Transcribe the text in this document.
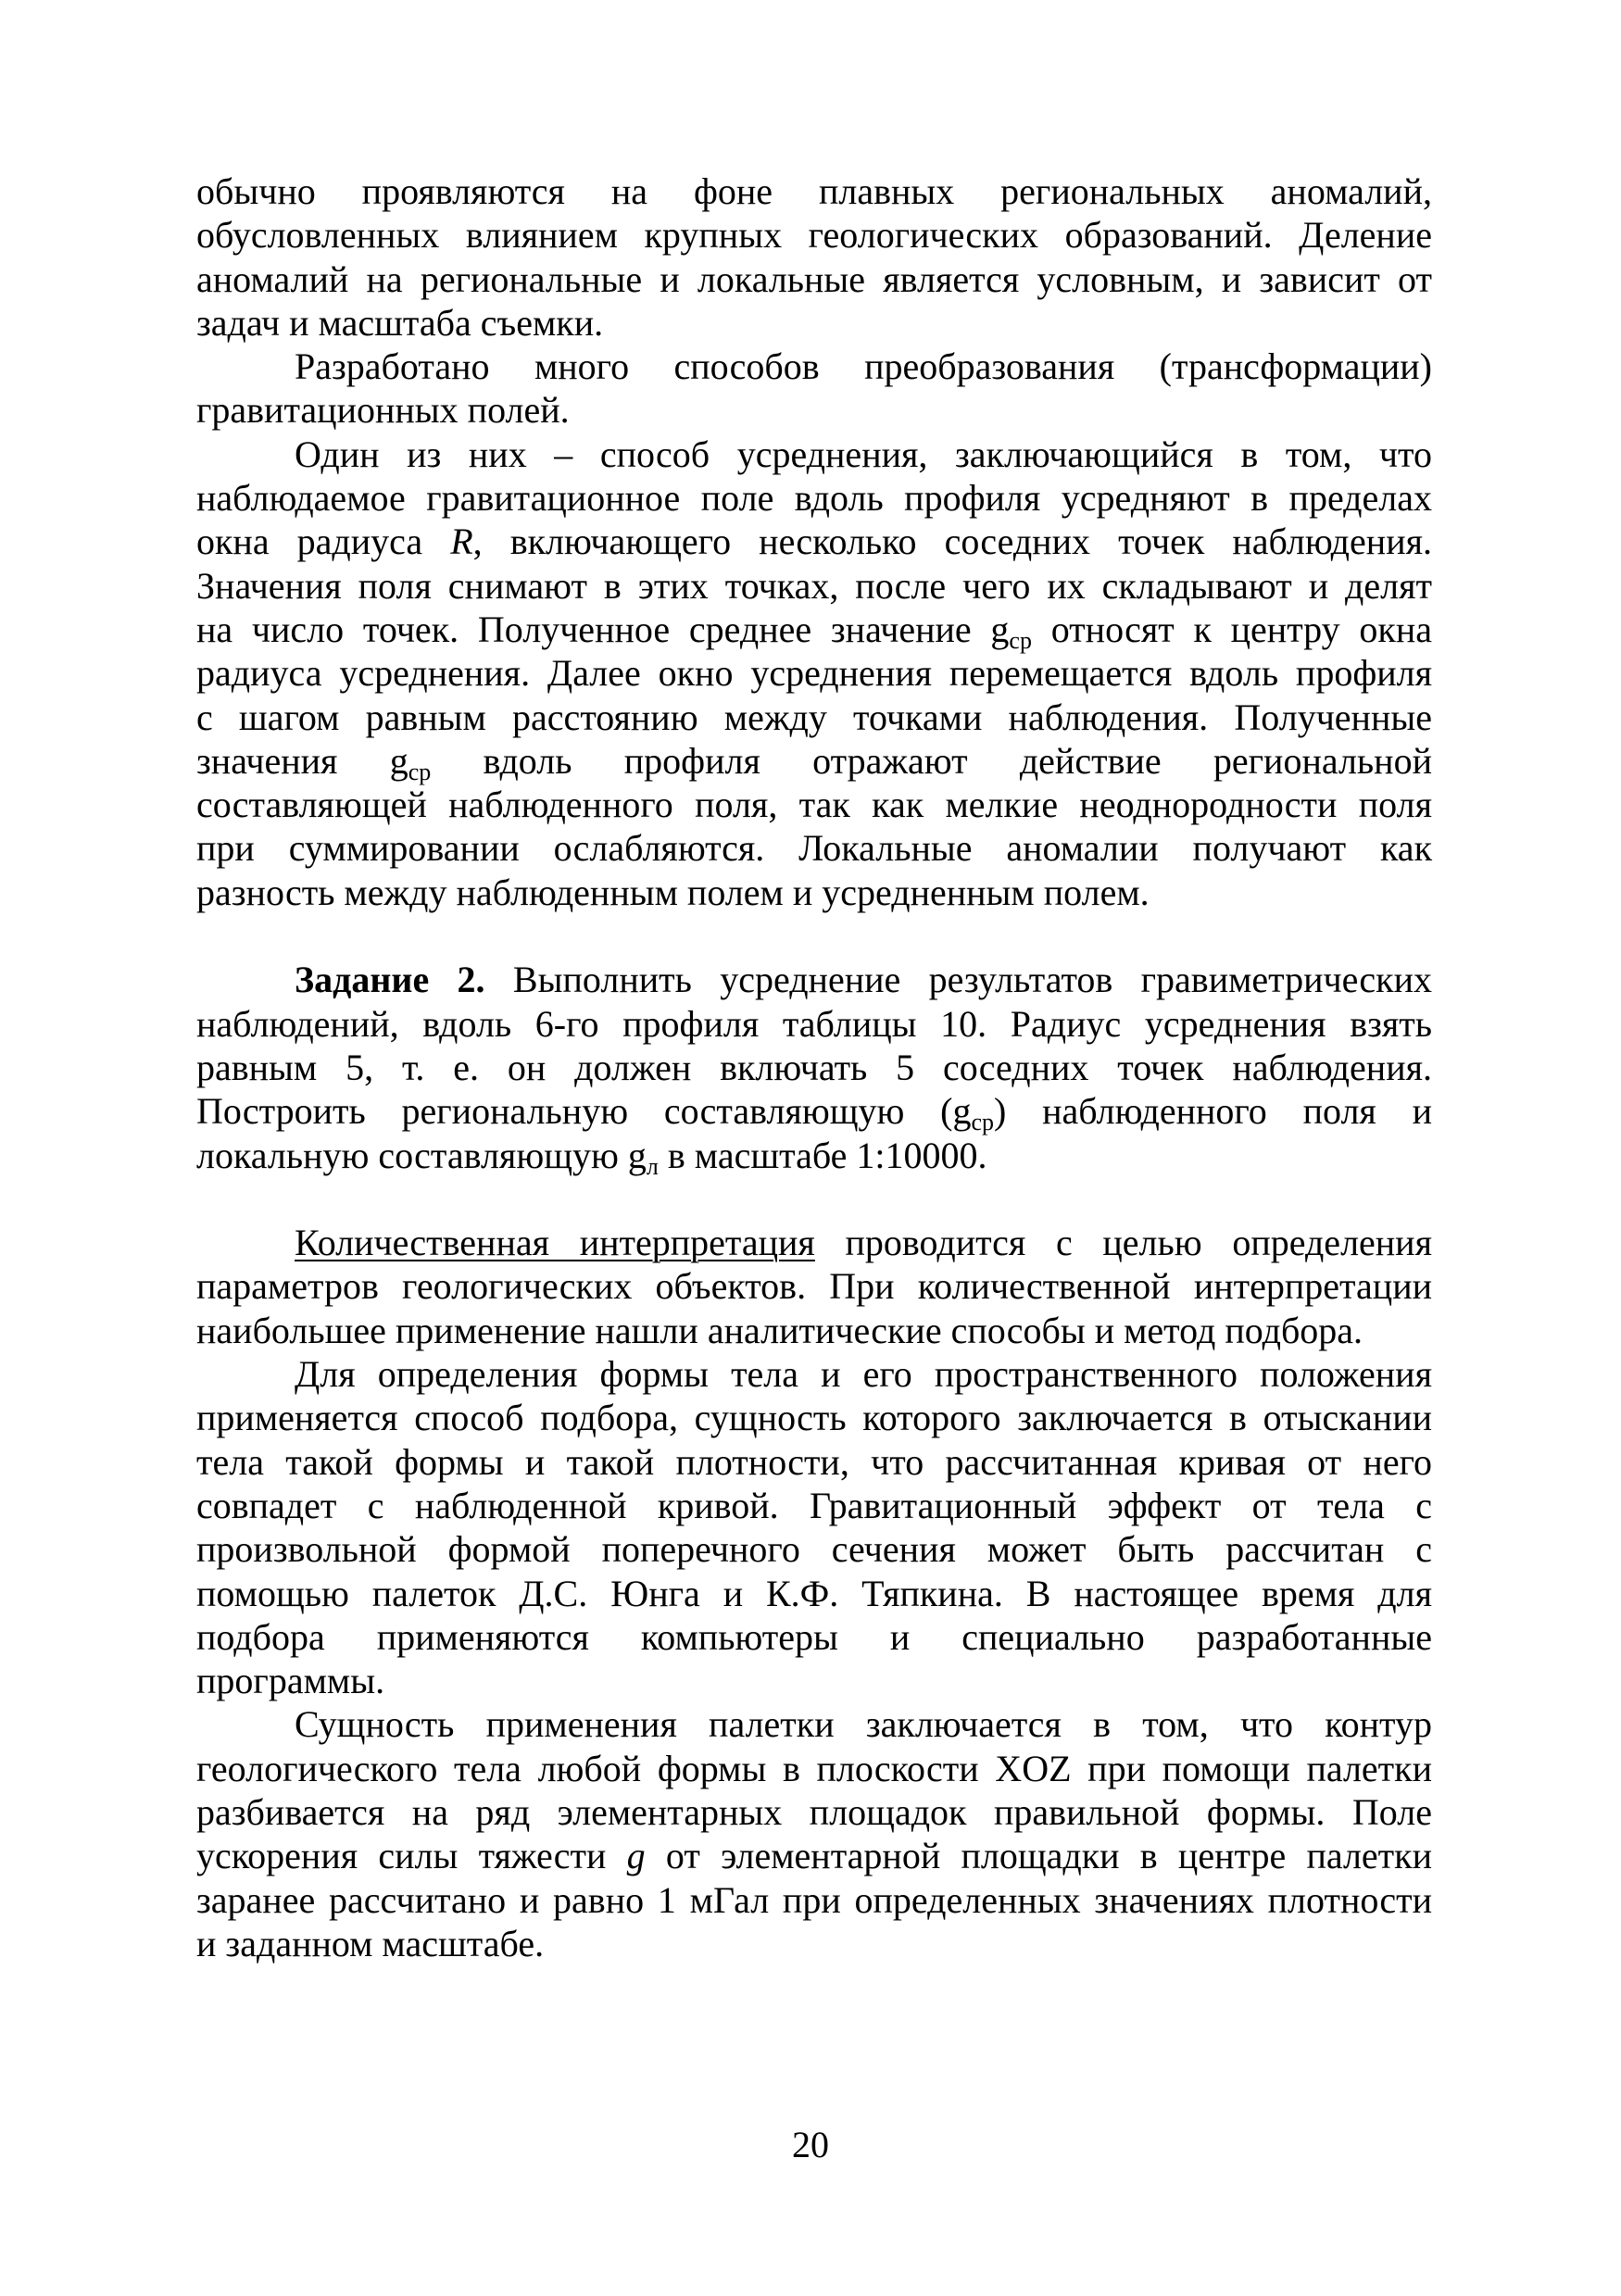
обычно проявляются на фоне плавных региональных аномалий,
обусловленных влиянием крупных геологических образований. Деление
аномалий на региональные и локальные является условным, и зависит от
задач и масштаба съемки.
Разработано много способов преобразования (трансформации)
гравитационных полей.
Один из них – способ усреднения, заключающийся в том, что
наблюдаемое гравитационное поле вдоль профиля усредняют в пределах
окна радиуса R, включающего несколько соседних точек наблюдения.
Значения поля снимают в этих точках, после чего их складывают и делят
на число точек. Полученное среднее значение $g_{ср}$ относят к центру окна
радиуса усреднения. Далее окно усреднения перемещается вдоль профиля
с шагом равным расстоянию между точками наблюдения. Полученные
значения $g_{ср}$ вдоль профиля отражают действие региональной
составляющей наблюденного поля, так как мелкие неоднородности поля
при суммировании ослабляются. Локальные аномалии получают как
разность между наблюденным полем и усредненным полем.
Задание 2. Выполнить усреднение результатов гравиметрических
наблюдений, вдоль 6-го профиля таблицы 10. Радиус усреднения взять
равным 5, т. е. он должен включать 5 соседних точек наблюдения.
Построить региональную составляющую $(g_{ср})$ наблюденного поля и
локальную составляющую $g_л$ в масштабе 1:10000.
Количественная интерпретация проводится с целью определения
параметров геологических объектов. При количественной интерпретации
наибольшее применение нашли аналитические способы и метод подбора.
Для определения формы тела и его пространственного положения
применяется способ подбора, сущность которого заключается в отыскании
тела такой формы и такой плотности, что рассчитанная кривая от него
совпадет с наблюденной кривой. Гравитационный эффект от тела с
произвольной формой поперечного сечения может быть рассчитан с
помощью палеток Д.С. Юнга и К.Ф. Тяпкина. В настоящее время для
подбора применяются компьютеры и специально разработанные
программы.
Сущность применения палетки заключается в том, что контур
геологического тела любой формы в плоскости XOZ при помощи палетки
разбивается на ряд элементарных площадок правильной формы. Поле
ускорения силы тяжести g от элементарной площадки в центре палетки
заранее рассчитано и равно 1 мГал при определенных значениях плотности
и заданном масштабе.
20
